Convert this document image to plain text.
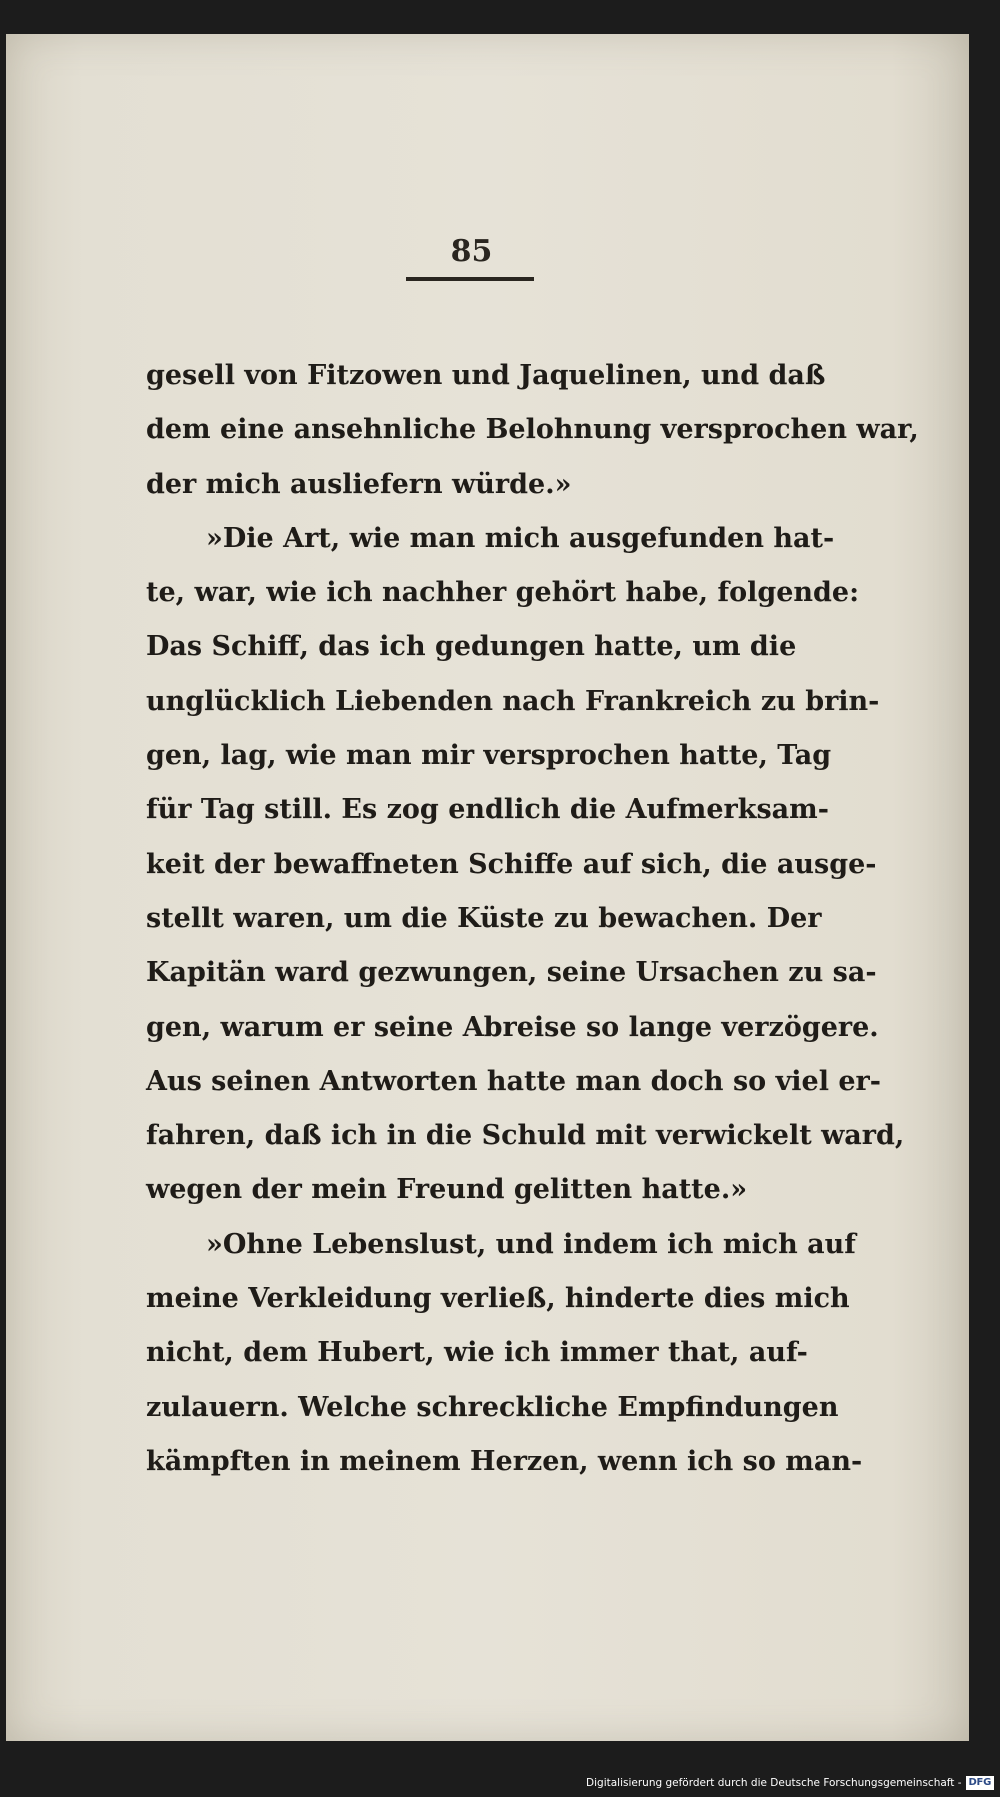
85
gesell von Fitzowen und Jaquelinen, und daß
dem eine ansehnliche Belohnung versprochen war,
der mich ausliefern würde.»
»Die Art, wie man mich ausgefunden hat-
te, war, wie ich nachher gehört habe, folgende:
Das Schiff, das ich gedungen hatte, um die
unglücklich Liebenden nach Frankreich zu brin-
gen, lag, wie man mir versprochen hatte, Tag
für Tag still. Es zog endlich die Aufmerksam-
keit der bewaffneten Schiffe auf sich, die ausge-
stellt waren, um die Küste zu bewachen. Der
Kapitän ward gezwungen, seine Ursachen zu sa-
gen, warum er seine Abreise so lange verzögere.
Aus seinen Antworten hatte man doch so viel er-
fahren, daß ich in die Schuld mit verwickelt ward,
wegen der mein Freund gelitten hatte.»
»Ohne Lebenslust, und indem ich mich auf
meine Verkleidung verließ, hinderte dies mich
nicht, dem Hubert, wie ich immer that, auf-
zulauern. Welche schreckliche Empfindungen
kämpften in meinem Herzen, wenn ich so man-
Digitalisierung gefördert durch die Deutsche Forschungsgemeinschaft - DFG
